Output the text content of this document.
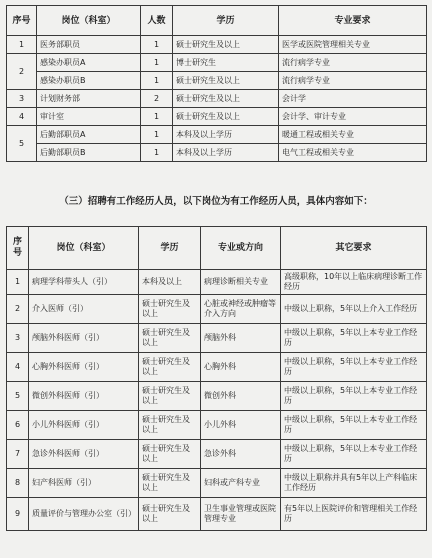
序号	岗位（科室）	人数	学历	专业要求
1	医务部职员	1	硕士研究生及以上	医学或医院管理相关专业
2	感染办职员A	1	博士研究生	流行病学专业
	感染办职员B	1	硕士研究生及以上	流行病学专业
3	计划财务部	2	硕士研究生及以上	会计学
4	审计室	1	硕士研究生及以上	会计学、审计专业
5	后勤部职员A	1	本科及以上学历	暖通工程或相关专业
	后勤部职员B	1	本科及以上学历	电气工程或相关专业
（三）招聘有工作经历人员，以下岗位为有工作经历人员，具体内容如下：
序号	岗位（科室）	学历	专业或方向	其它要求
1	病理学科带头人（引）	本科及以上	病理诊断相关专业	高级职称，10年以上临床病理诊断工作经历
2	介入医师（引）	硕士研究生及以上	心脏或神经或肿瘤等介入方向	中级以上职称，5年以上介入工作经历
3	颅脑外科医师（引）	硕士研究生及以上	颅脑外科	中级以上职称，5年以上本专业工作经历
4	心胸外科医师（引）	硕士研究生及以上	心胸外科	中级以上职称，5年以上本专业工作经历
5	微创外科医师（引）	硕士研究生及以上	微创外科	中级以上职称，5年以上本专业工作经历
6	小儿外科医师（引）	硕士研究生及以上	小儿外科	中级以上职称，5年以上本专业工作经历
7	急诊外科医师（引）	硕士研究生及以上	急诊外科	中级以上职称，5年以上本专业工作经历
8	妇产科医师（引）	硕士研究生及以上	妇科或产科专业	中级以上职称并具有5年以上产科临床工作经历
9	质量评价与管理办公室（引）	硕士研究生及以上	卫生事业管理或医院管理专业	有5年以上医院评价和管理相关工作经历
